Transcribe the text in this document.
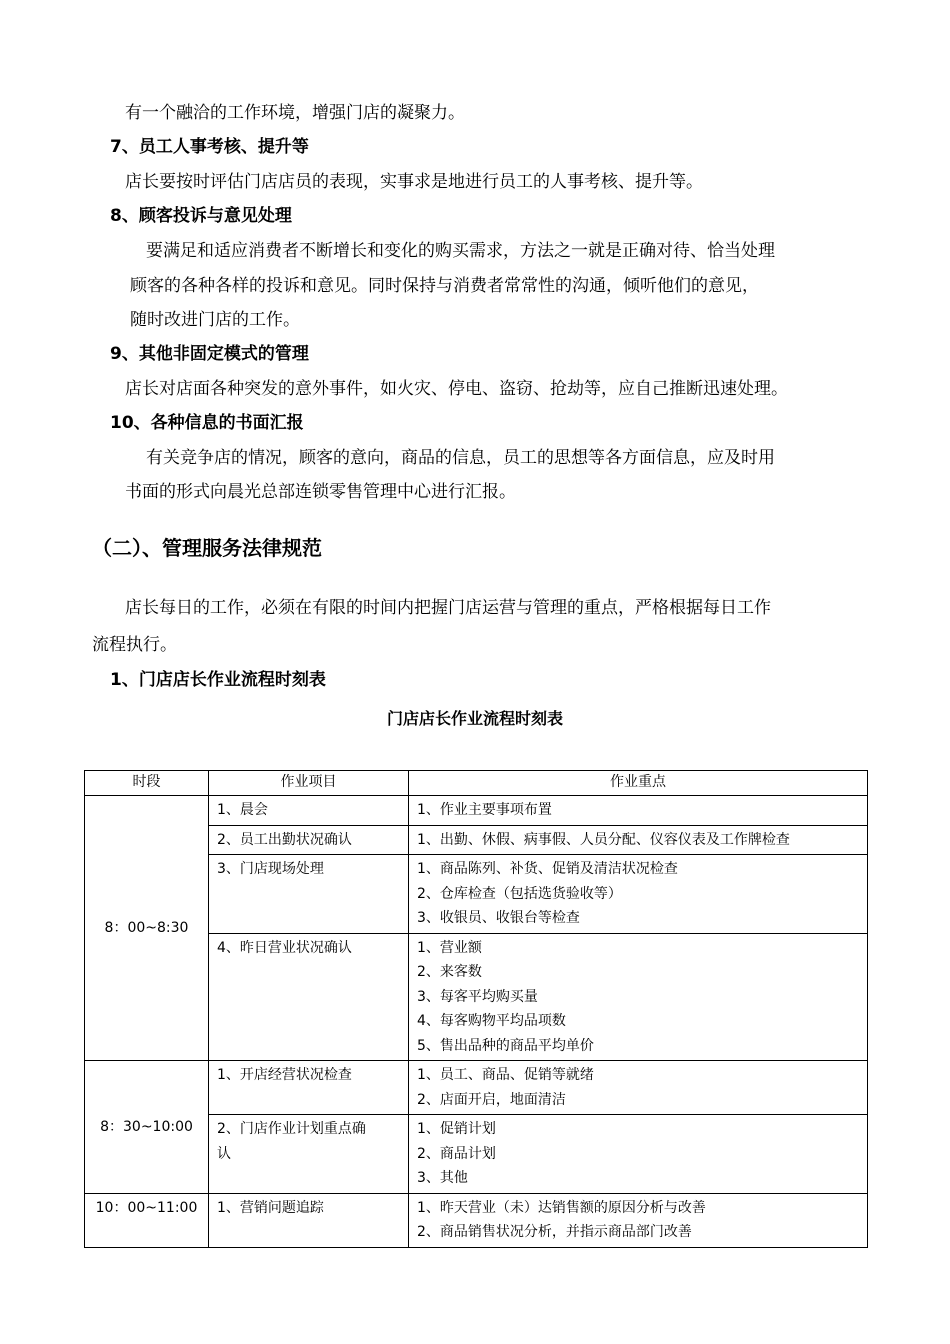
有一个融洽的工作环境，增强门店的凝聚力。
7、员工人事考核、提升等
店长要按时评估门店店员的表现，实事求是地进行员工的人事考核、提升等。
8、顾客投诉与意见处理
要满足和适应消费者不断增长和变化的购买需求，方法之一就是正确对待、恰当处理
顾客的各种各样的投诉和意见。同时保持与消费者常常性的沟通，倾听他们的意见，
随时改进门店的工作。
9、其他非固定模式的管理
店长对店面各种突发的意外事件，如火灾、停电、盗窃、抢劫等，应自己推断迅速处理。
10、各种信息的书面汇报
有关竞争店的情况，顾客的意向，商品的信息，员工的思想等各方面信息，应及时用
书面的形式向晨光总部连锁零售管理中心进行汇报。
（二）、管理服务法律规范
店长每日的工作，必须在有限的时间内把握门店运营与管理的重点，严格根据每日工作
流程执行。
1、门店店长作业流程时刻表
门店店长作业流程时刻表
时段	作业项目	作业重点
8：00~8:30	1、晨会	1、作业主要事项布置

	2、员工出勤状况确认	1、出勤、休假、病事假、人员分配、仪容仪表及工作牌检查

	3、门店现场处理	1、商品陈列、补货、促销及清洁状况检查
2、仓库检查（包括选货验收等）
3、收银员、收银台等检查

	4、昨日营业状况确认	1、营业额
2、来客数
3、每客平均购买量
4、每客购物平均品项数
5、售出品种的商品平均单价

8：30~10:00	1、开店经营状况检查	1、员工、商品、促销等就绪
2、店面开启，地面清洁

	2、门店作业计划重点确
认	1、促销计划
2、商品计划
3、其他

10：00~11:00	1、营销问题追踪	1、昨天营业（未）达销售额的原因分析与改善
2、商品销售状况分析，并指示商品部门改善
